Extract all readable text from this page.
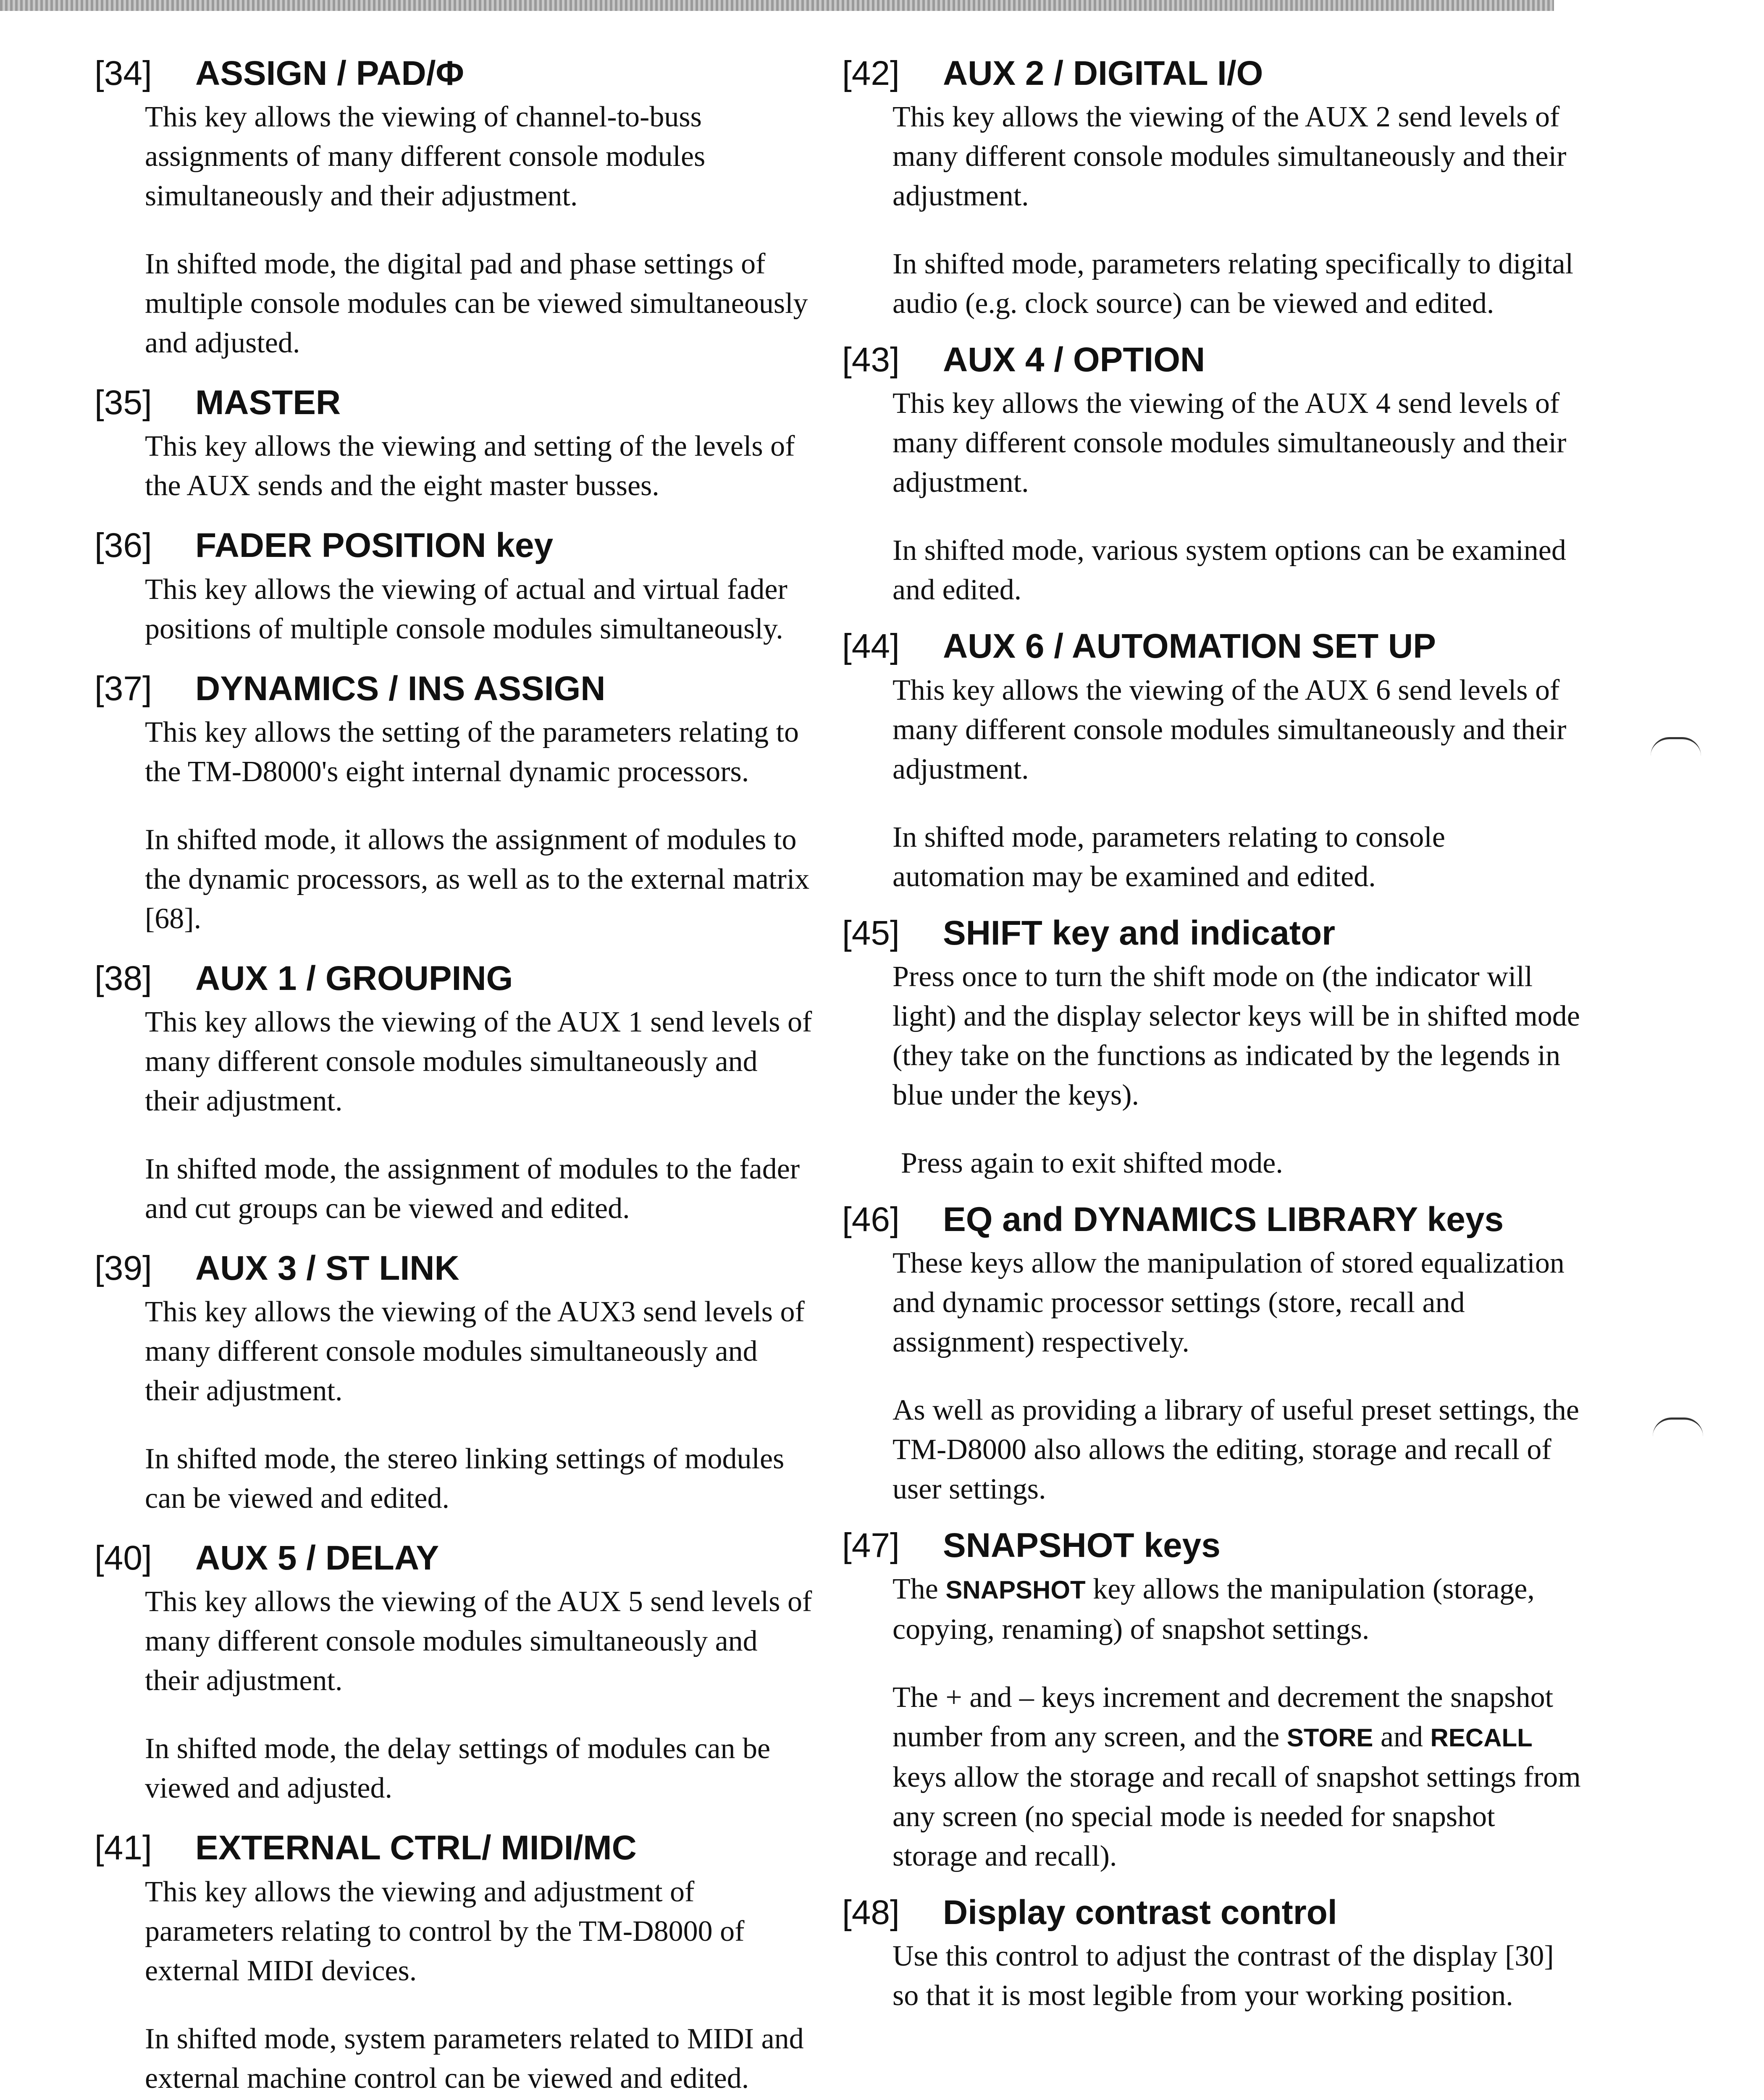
[34] ASSIGN / PAD/Φ

This key allows the viewing of channel-to-buss assignments of many different console modules simultaneously and their adjustment.

In shifted mode, the digital pad and phase settings of multiple console modules can be viewed simultaneously and adjusted.

[35] MASTER

This key allows the viewing and setting of the levels of the AUX sends and the eight master busses.

[36] FADER POSITION key

This key allows the viewing of actual and virtual fader positions of multiple console modules simultaneously.

[37] DYNAMICS / INS ASSIGN

This key allows the setting of the parameters relating to the TM-D8000's eight internal dynamic processors.

In shifted mode, it allows the assignment of modules to the dynamic processors, as well as to the external matrix [68].

[38] AUX 1 / GROUPING

This key allows the viewing of the AUX 1 send levels of many different console modules simultaneously and their adjustment.

In shifted mode, the assignment of modules to the fader and cut groups can be viewed and edited.

[39] AUX 3 / ST LINK

This key allows the viewing of the AUX3 send levels of many different console modules simultaneously and their adjustment.

In shifted mode, the stereo linking settings of modules can be viewed and edited.

[40] AUX 5 / DELAY

This key allows the viewing of the AUX 5 send levels of many different console modules simultaneously and their adjustment.

In shifted mode, the delay settings of modules can be viewed and adjusted.

[41] EXTERNAL CTRL/ MIDI/MC

This key allows the viewing and adjustment of parameters relating to control by the TM-D8000 of external MIDI devices.

In shifted mode, system parameters related to MIDI and external machine control can be viewed and edited.

[42] AUX 2 / DIGITAL I/O

This key allows the viewing of the AUX 2 send levels of many different console modules simultaneously and their adjustment.

In shifted mode, parameters relating specifically to digital audio (e.g. clock source) can be viewed and edited.

[43] AUX 4 / OPTION

This key allows the viewing of the AUX 4 send levels of many different console modules simultaneously and their adjustment.

In shifted mode, various system options can be examined and edited.

[44] AUX 6 / AUTOMATION SET UP

This key allows the viewing of the AUX 6 send levels of many different console modules simultaneously and their adjustment.

In shifted mode, parameters relating to console automation may be examined and edited.

[45] SHIFT key and indicator

Press once to turn the shift mode on (the indicator will light) and the display selector keys will be in shifted mode (they take on the functions as indicated by the legends in blue under the keys).

Press again to exit shifted mode.

[46] EQ and DYNAMICS LIBRARY keys

These keys allow the manipulation of stored equalization and dynamic processor settings (store, recall and assignment) respectively.

As well as providing a library of useful preset settings, the TM-D8000 also allows the editing, storage and recall of user settings.

[47] SNAPSHOT keys

The SNAPSHOT key allows the manipulation (storage, copying, renaming) of snapshot settings.

The + and – keys increment and decrement the snapshot number from any screen, and the STORE and RECALL keys allow the storage and recall of snapshot settings from any screen (no special mode is needed for snapshot storage and recall).

[48] Display contrast control

Use this control to adjust the contrast of the display [30] so that it is most legible from your working position.
